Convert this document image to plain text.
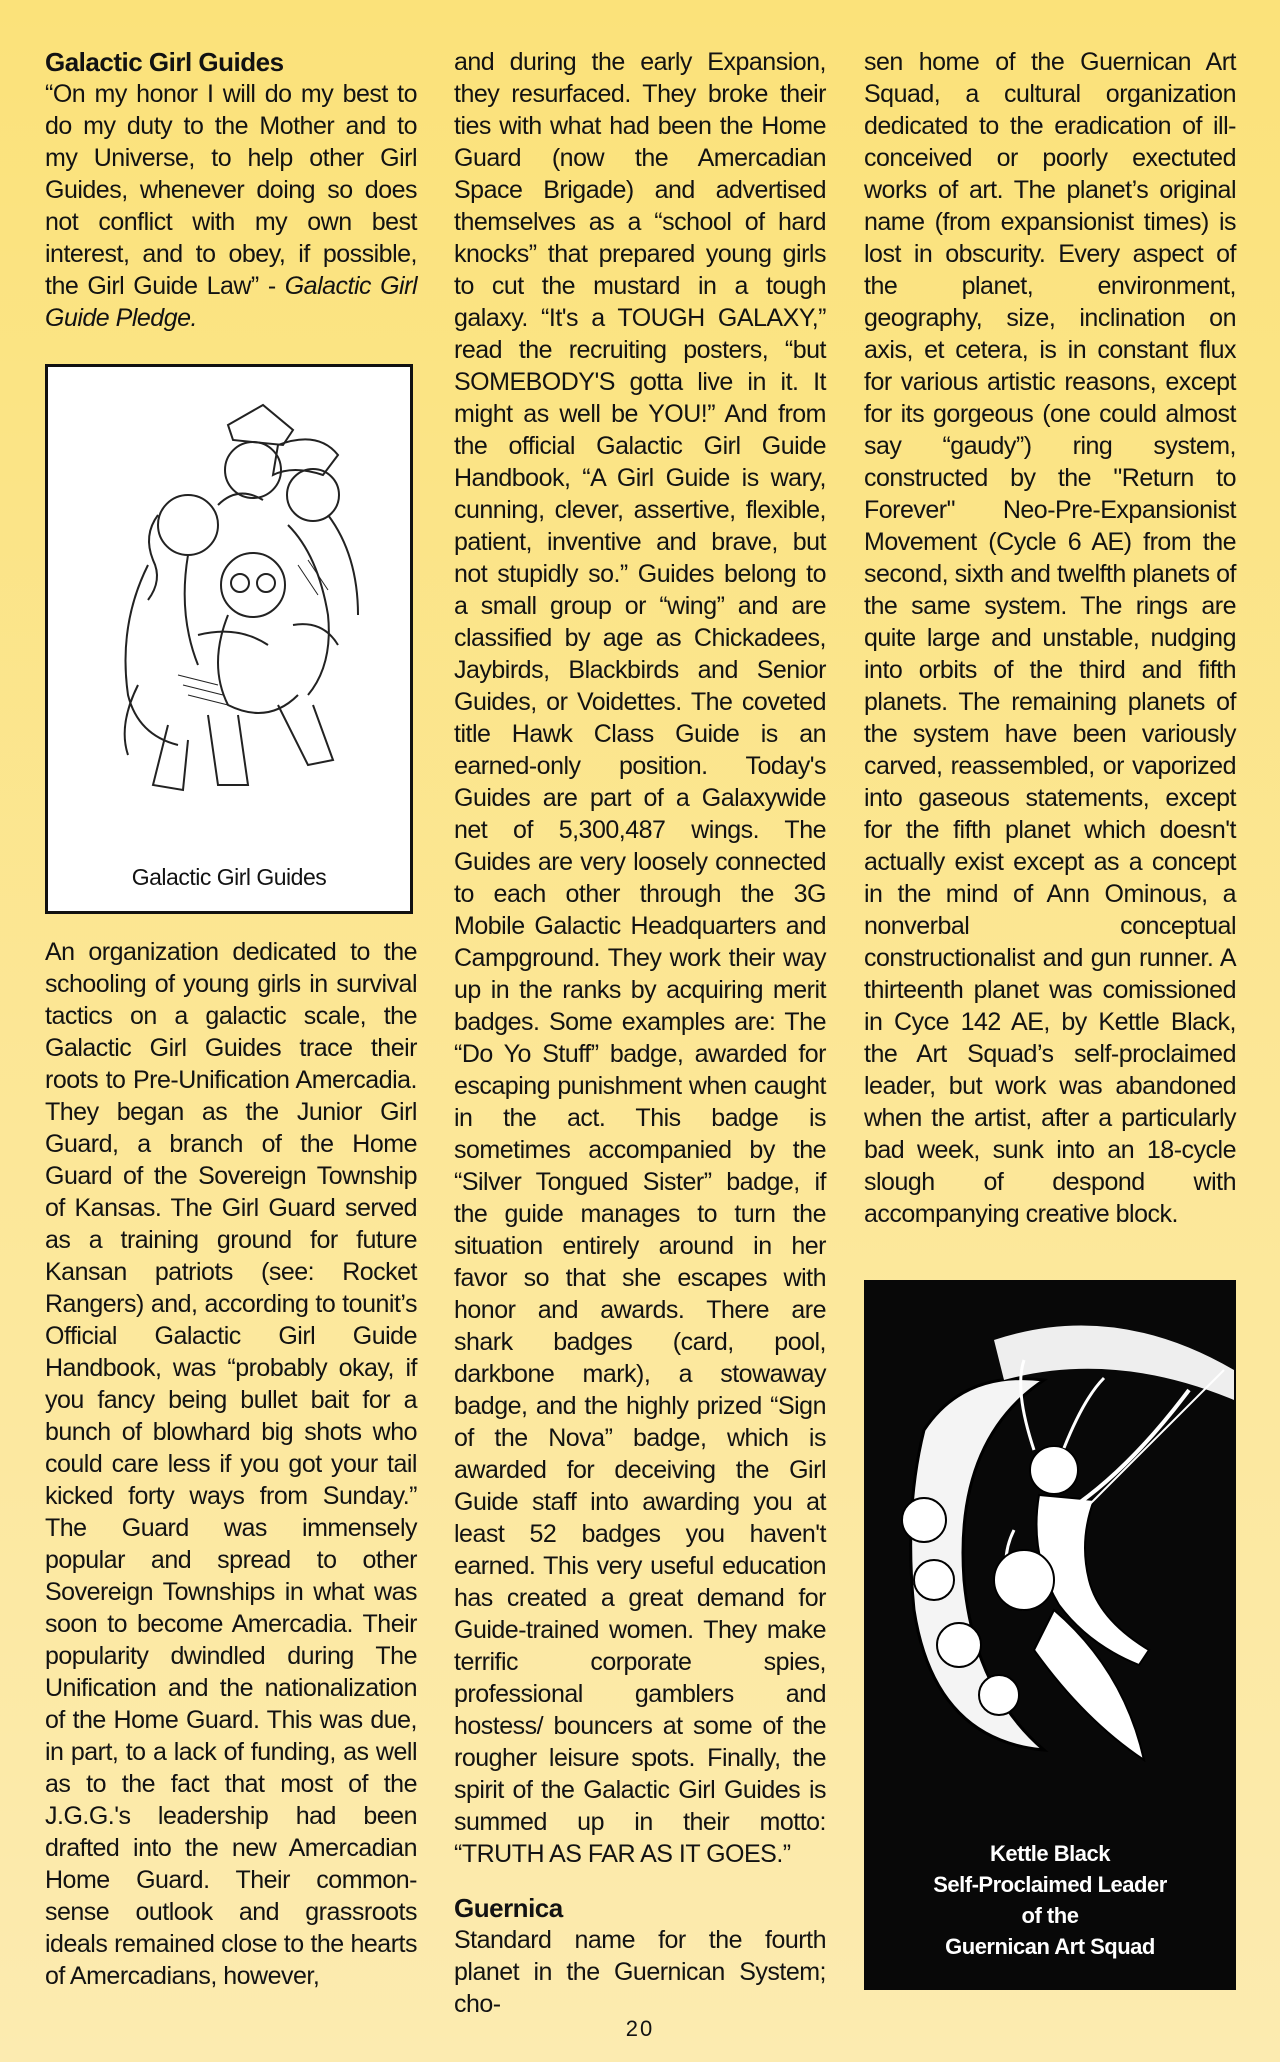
Galactic Girl Guides

“On my honor I will do my best to do my duty to the Mother and to my Universe, to help other Girl Guides, whenever doing so does not conflict with my own best interest, and to obey, if possible, the Girl Guide Law” - Galactic Girl Guide Pledge.

Galactic Girl Guides

An organization dedicated to the schooling of young girls in survival tactics on a galactic scale, the Galactic Girl Guides trace their roots to Pre-Unification Amercadia. They began as the Junior Girl Guard, a branch of the Home Guard of the Sovereign Township of Kansas. The Girl Guard served as a training ground for future Kansan patriots (see: Rocket Rangers) and, according to tounit’s Official Galactic Girl Guide Handbook, was “probably okay, if you fancy being bullet bait for a bunch of blowhard big shots who could care less if you got your tail kicked forty ways from Sunday.” The Guard was immensely popular and spread to other Sovereign Townships in what was soon to become Amercadia. Their popularity dwindled during The Unification and the nationalization of the Home Guard. This was due, in part, to a lack of funding, as well as to the fact that most of the J.G.G.'s leadership had been drafted into the new Amercadian Home Guard. Their common-sense outlook and grassroots ideals remained close to the hearts of Amercadians, however,

and during the early Expansion, they resurfaced. They broke their ties with what had been the Home Guard (now the Amercadian Space Brigade) and advertised themselves as a “school of hard knocks” that prepared young girls to cut the mustard in a tough galaxy. “It's a TOUGH GALAXY,” read the recruiting posters, “but SOMEBODY'S gotta live in it. It might as well be YOU!” And from the official Galactic Girl Guide Handbook, “A Girl Guide is wary, cunning, clever, assertive, flexible, patient, inventive and brave, but not stupidly so.” Guides belong to a small group or “wing” and are classified by age as Chickadees, Jaybirds, Blackbirds and Senior Guides, or Voidettes. The coveted title Hawk Class Guide is an earned-only position. Today's Guides are part of a Galaxywide net of 5,300,487 wings. The Guides are very loosely connected to each other through the 3G Mobile Galactic Headquarters and Campground. They work their way up in the ranks by acquiring merit badges. Some examples are: The “Do Yo Stuff” badge, awarded for escaping punishment when caught in the act. This badge is sometimes accompanied by the “Silver Tongued Sister” badge, if the guide manages to turn the situation entirely around in her favor so that she escapes with honor and awards. There are shark badges (card, pool, darkbone mark), a stowaway badge, and the highly prized “Sign of the Nova” badge, which is awarded for deceiving the Girl Guide staff into awarding you at least 52 badges you haven't earned. This very useful education has created a great demand for Guide-trained women. They make terrific corporate spies, professional gamblers and hostess/ bouncers at some of the rougher leisure spots. Finally, the spirit of the Galactic Girl Guides is summed up in their motto: “TRUTH AS FAR AS IT GOES.”

Guernica

Standard name for the fourth planet in the Guernican System; cho-

sen home of the Guernican Art Squad, a cultural organization dedicated to the eradication of ill-conceived or poorly exectuted works of art. The planet’s original name (from expansionist times) is lost in obscurity. Every aspect of the planet, environment, geography, size, inclination on axis, et cetera, is in constant flux for various artistic reasons, except for its gorgeous (one could almost say “gaudy”) ring system, constructed by the "Return to Forever" Neo-Pre-Expansionist Movement (Cycle 6 AE) from the second, sixth and twelfth planets of the same system. The rings are quite large and unstable, nudging into orbits of the third and fifth planets. The remaining planets of the system have been variously carved, reassembled, or vaporized into gaseous statements, except for the fifth planet which doesn't actually exist except as a concept in the mind of Ann Ominous, a nonverbal conceptual constructionalist and gun runner. A thirteenth planet was comissioned in Cyce 142 AE, by Kettle Black, the Art Squad’s self-proclaimed leader, but work was abandoned when the artist, after a particularly bad week, sunk into an 18-cycle slough of despond with accompanying creative block.

Kettle Black
Self-Proclaimed Leader
of the
Guernican Art Squad
20
